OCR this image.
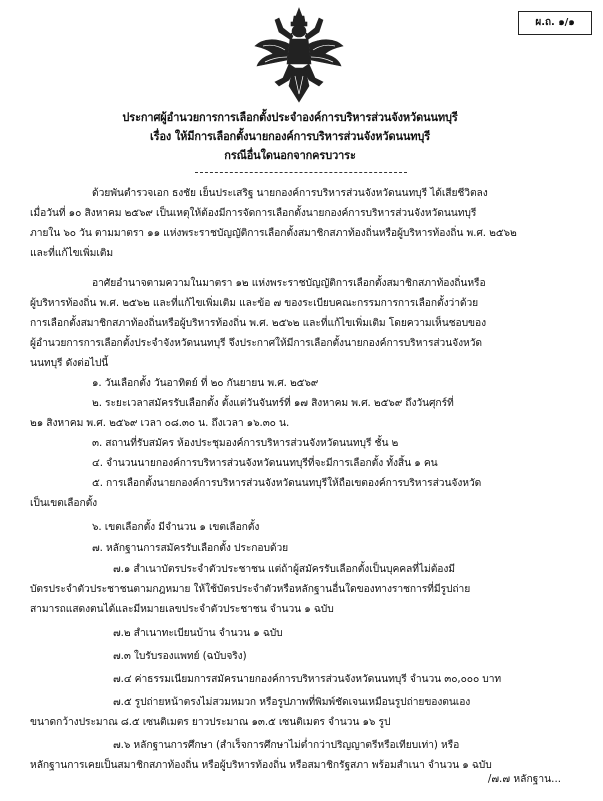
ผ.ถ. ๑/๑
ประกาศผู้อำนวยการการเลือกตั้งประจำองค์การบริหารส่วนจังหวัดนนทบุรี
เรื่อง ให้มีการเลือกตั้งนายกองค์การบริหารส่วนจังหวัดนนทบุรี
กรณีอื่นใดนอกจากครบวาระ
ด้วยพันตำรวจเอก ธงชัย เย็นประเสริฐ นายกองค์การบริหารส่วนจังหวัดนนทบุรี ได้เสียชีวิตลง
เมื่อวันที่ ๑๐ สิงหาคม ๒๕๖๙ เป็นเหตุให้ต้องมีการจัดการเลือกตั้งนายกองค์การบริหารส่วนจังหวัดนนทบุรี
ภายใน ๖๐ วัน ตามมาตรา ๑๑ แห่งพระราชบัญญัติการเลือกตั้งสมาชิกสภาท้องถิ่นหรือผู้บริหารท้องถิ่น พ.ศ. ๒๕๖๒
และที่แก้ไขเพิ่มเติม
อาศัยอำนาจตามความในมาตรา ๑๒ แห่งพระราชบัญญัติการเลือกตั้งสมาชิกสภาท้องถิ่นหรือ
ผู้บริหารท้องถิ่น พ.ศ. ๒๕๖๒ และที่แก้ไขเพิ่มเติม และข้อ ๗ ของระเบียบคณะกรรมการการเลือกตั้งว่าด้วย
การเลือกตั้งสมาชิกสภาท้องถิ่นหรือผู้บริหารท้องถิ่น พ.ศ. ๒๕๖๒ และที่แก้ไขเพิ่มเติม โดยความเห็นชอบของ
ผู้อำนวยการการเลือกตั้งประจำจังหวัดนนทบุรี จึงประกาศให้มีการเลือกตั้งนายกองค์การบริหารส่วนจังหวัด
นนทบุรี ดังต่อไปนี้
๑. วันเลือกตั้ง วันอาทิตย์ ที่ ๒๐ กันยายน พ.ศ. ๒๕๖๙
๒. ระยะเวลาสมัครรับเลือกตั้ง ตั้งแต่วันจันทร์ที่ ๑๗ สิงหาคม พ.ศ. ๒๕๖๙ ถึงวันศุกร์ที่
๒๑ สิงหาคม พ.ศ. ๒๕๖๙ เวลา ๐๘.๓๐ น. ถึงเวลา ๑๖.๓๐ น.
๓. สถานที่รับสมัคร ห้องประชุมองค์การบริหารส่วนจังหวัดนนทบุรี ชั้น ๒
๔. จำนวนนายกองค์การบริหารส่วนจังหวัดนนทบุรีที่จะมีการเลือกตั้ง ทั้งสิ้น ๑ คน
๕. การเลือกตั้งนายกองค์การบริหารส่วนจังหวัดนนทบุรีให้ถือเขตองค์การบริหารส่วนจังหวัด
เป็นเขตเลือกตั้ง
๖. เขตเลือกตั้ง มีจำนวน ๑ เขตเลือกตั้ง
๗. หลักฐานการสมัครรับเลือกตั้ง ประกอบด้วย
๗.๑ สำเนาบัตรประจำตัวประชาชน แต่ถ้าผู้สมัครรับเลือกตั้งเป็นบุคคลที่ไม่ต้องมี
บัตรประจำตัวประชาชนตามกฎหมาย ให้ใช้บัตรประจำตัวหรือหลักฐานอื่นใดของทางราชการที่มีรูปถ่าย
สามารถแสดงตนได้และมีหมายเลขประจำตัวประชาชน จำนวน ๑ ฉบับ
๗.๒ สำเนาทะเบียนบ้าน จำนวน ๑ ฉบับ
๗.๓ ใบรับรองแพทย์ (ฉบับจริง)
๗.๔ ค่าธรรมเนียมการสมัครนายกองค์การบริหารส่วนจังหวัดนนทบุรี จำนวน ๓๐,๐๐๐ บาท
๗.๕ รูปถ่ายหน้าตรงไม่สวมหมวก หรือรูปภาพที่พิมพ์ชัดเจนเหมือนรูปถ่ายของตนเอง
ขนาดกว้างประมาณ ๘.๕ เซนติเมตร ยาวประมาณ ๑๓.๕ เซนติเมตร จำนวน ๑๖ รูป
๗.๖ หลักฐานการศึกษา (สำเร็จการศึกษาไม่ต่ำกว่าปริญญาตรีหรือเทียบเท่า) หรือ
หลักฐานการเคยเป็นสมาชิกสภาท้องถิ่น หรือผู้บริหารท้องถิ่น หรือสมาชิกรัฐสภา พร้อมสำเนา จำนวน ๑ ฉบับ
/๗.๗ หลักฐาน...
